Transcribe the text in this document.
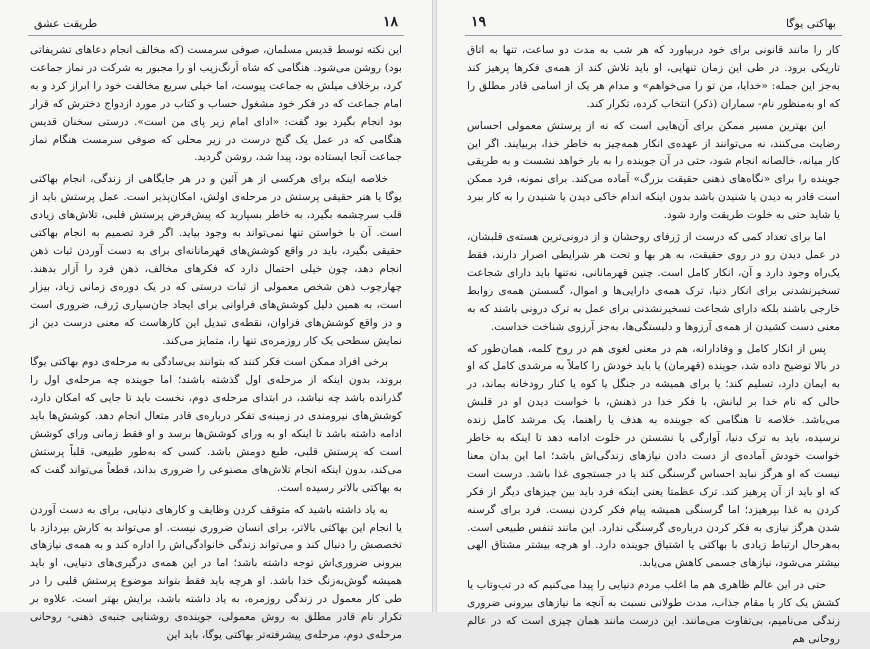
طریقت عشق	۱۸

این نکته توسط قدیس مسلمان، صوفی سرمست (که مخالف انجام دعاهای تشریفاتی بود) روشن می‌شود. هنگامی که شاه اَرنگ‌زیب او را مجبور به شرکت در نماز جماعت کرد، برخلاف میلش به جماعت پیوست، اما خیلی سریع مخالفت خود را ابراز کرد و به امام جماعت که در فکر خود مشغول حساب و کتاب در مورد ازدواج دخترش که قرار بود انجام بگیرد بود گفت: «ادای امام زیر پای من است». درستی سخنان قدیس هنگامی که در عمل یک گنج درست در زیر محلی که صوفی سرمست هنگام نماز جماعت آنجا ایستاده بود، پیدا شد، روشن گردید.

خلاصه اینکه برای هرکسی از هر آئین و در هر جایگاهی از زندگی، انجام بهاکتی یوگا یا هنر حقیقی پرستش در مرحله‌ی اولش، امکان‌پذیر است. عمل پرستش باید از قلب سرچشمه بگیرد، به خاطر بسپارید که پیش‌فرض پرستش قلبی، تلاش‌های زیادی است. آن با خواستن تنها نمی‌تواند به وجود بیاید. اگر فرد تصمیم به انجام بهاکتی حقیقی بگیرد، باید در واقع کوشش‌های قهرمانانه‌ای برای به دست آوردن ثبات ذهن انجام دهد، چون خیلی احتمال دارد که فکرهای مخالف، ذهن فرد را آزار بدهند. چهارچوب ذهن شخص معمولی از ثبات درستی که در یک دوره‌ی زمانی زیاد، بیزار است، به همین دلیل کوشش‌های فراوانی برای ایجاد جان‌سپاری ژرف، ضروری است و در واقع کوشش‌های فراوان، نقطه‌ی تبدیل این کارهاست که معنی درست دین از نمایش سطحی یک کار روزمره‌ی تنها را، متمایز می‌کند.

برخی افراد ممکن است فکر کنند که بتوانند بی‌سادگی به مرحله‌ی دوم بهاکتی یوگا بروند، بدون اینکه از مرحله‌ی اول گذشته باشند؛ اما جوینده چه مرحله‌ی اول را گذرانده باشد چه نباشد، در ابتدای مرحله‌ی دوم، نخست باید تا جایی که امکان دارد، کوشش‌های نیرومندی در زمینه‌ی تفکر درباره‌ی قادر متعال انجام دهد. کوشش‌ها باید ادامه داشته باشد تا اینکه او به ورای کوشش‌ها برسد و او فقط زمانی ورای کوشش است که پرستش قلبی، طبع دومش باشد. کسی که به‌طور طبیعی، قلباً پرستش می‌کند، بدون اینکه انجام تلاش‌های مصنوعی را ضروری بداند، قطعاً می‌تواند گفت که به بهاکتی بالاتر رسیده است.

به یاد داشته باشید که متوقف کردن وظایف و کارهای دنیایی، برای به دست آوردن یا انجام این بهاکتی بالاتر، برای انسان ضروری نیست. او می‌تواند به کارش بپردازد با تخصصش را دنبال کند و می‌تواند زندگی خانوادگی‌اش را اداره کند و به همه‌ی نیازهای بیرونی ضروری‌اش توجه داشته باشد؛ اما در این همه‌ی درگیری‌های دنیایی، او باید همیشه گوش‌به‌زنگ خدا باشد. او هرچه باید فقط بتواند موضوع پرستش قلبی را در طی کار معمول در زندگی روزمره، به یاد داشته باشد، برایش بهتر است. علاوه بر تکرار نام قادر مطلق به روش معمولی، جوینده‌ی روشنایی جنبه‌ی ذهنی- روحانی مرحله‌ی دوم، مرحله‌ی پیشرفته‌تر بهاکتی یوگا، باید این

۱۹	بهاکتی یوگا

کار را مانند قانونی برای خود دربیاورد که هر شب به مدت دو ساعت، تنها به اتاق تاریکی برود. در طی این زمان تنهایی، او باید تلاش کند از همه‌ی فکرها پرهیز کند به‌جز این جمله: «خدایا، من تو را می‌خواهم» و مدام هر یک از اسامی قادر مطلق را که او به‌منظور نام- سماران (ذکر) انتخاب کرده، تکرار کند.

این بهترین مسیر ممکن برای آن‌هایی است که نه از پرستش معمولی احساس رضایت می‌کنند، نه می‌توانند از عهده‌ی انکار همه‌چیز به خاطر خدا، بربیایند. اگر این کار میانه، خالصانه انجام شود، حتی در آن جوینده را به بار خواهد نشست و به طریقی جوینده را برای «نگاه‌های ذهنی حقیقت بزرگ» آماده می‌کند. برای نمونه، فرد ممکن است قادر به دیدن یا شنیدن باشد بدون اینکه اندام خاکی دیدن یا شنیدن را به کار ببرد یا شاید حتی به خلوت طریقت وارد شود.

اما برای تعداد کمی که درست از ژرفای روحشان و از درونی‌ترین هسته‌ی قلبشان، در عمل دیدن رو در روی حقیقت، به هر بها و تحت هر شرایطی اصرار دارند، فقط یک‌راه وجود دارد و آن، انکار کامل است. چنین قهرمانانی، نه‌تنها باید دارای شجاعت تسخیرنشدنی برای انکار دنیا، ترک همه‌ی دارایی‌ها و اموال، گسستن همه‌ی روابط خارجی باشند بلکه دارای شجاعت تسخیرنشدنی برای عمل به ترک درونی باشند که به معنی دست کشیدن از همه‌ی آرزوها و دلبستگی‌ها، به‌جز آرزوی شناخت خداست.

پس از انکار کامل و وفادارانه، هم در معنی لغوی هم در روح کلمه، همان‌طور که در بالا توضیح داده شد، جوینده (قهرمان) یا باید خودش را کاملاً به مرشدی کامل که او به ایمان دارد، تسلیم کند؛ یا برای همیشه در جنگل یا کوه یا کنار رودخانه بماند، در حالی که نام خدا بر لبانش، با فکر خدا در ذهنش، با خواست دیدن او در قلبش می‌باشد. خلاصه تا هنگامی که جوینده به هدف یا راهنما، یک مرشد کامل زنده نرسیده، باید به ترک دنیا، آوارگی یا نشستن در خلوت ادامه دهد تا اینکه به خاطر خواست خودش آماده‌ی از دست دادن نیازهای زندگی‌اش باشد؛ اما این بدان معنا نیست که او هرگز نباید احساس گرسنگی کند یا در جستجوی غذا باشد. درست است که او باید از آن پرهیز کند. ترک عظمتا یعنی اینکه فرد باید بین چیزهای دیگر از فکر کردن به غذا بپرهیزد؛ اما گرسنگی همیشه پیام فکر کردن نیست. فرد برای گرسنه شدن هرگز نیازی به فکر کردن درباره‌ی گرسنگی ندارد. این مانند تنفس طبیعی است. به‌هرحال ارتباط زیادی با بهاکتی یا اشتیاق جوینده دارد. او هرچه بیشتر مشتاق الهی بیشتر می‌شود، نیازهای جسمی کاهش می‌یابد.

حتی در این عالم ظاهری هم ما اغلب مردم دنیایی را پیدا می‌کنیم که در تب‌وتاب یا کشش یک کار یا مقام جذاب، مدت طولانی نسبت به آنچه ما نیازهای بیرونی ضروری زندگی می‌نامیم، بی‌تفاوت می‌مانند. این درست مانند همان چیزی است که در عالم روحانی هم
